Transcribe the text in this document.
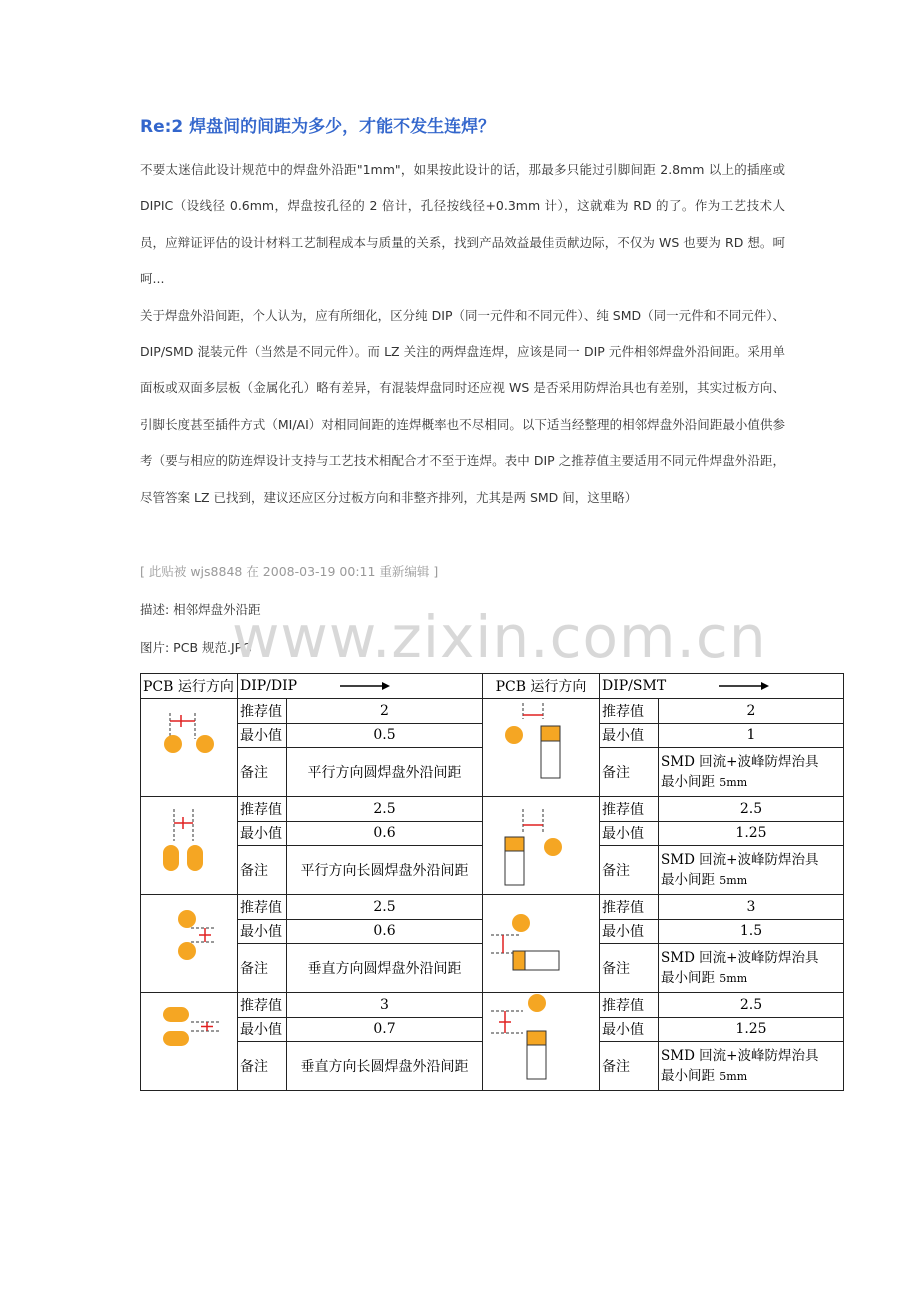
Re:2 焊盘间的间距为多少，才能不发生连焊？

不要太迷信此设计规范中的焊盘外沿距"1mm"，如果按此设计的话，那最多只能过引脚间距 2.8mm 以上的插座或 DIPIC（设线径 0.6mm，焊盘按孔径的 2 倍计，孔径按线径+0.3mm 计），这就难为 RD 的了。作为工艺技术人员，应辩证评估的设计材料工艺制程成本与质量的关系，找到产品效益最佳贡献边际，不仅为 WS 也要为 RD 想。呵呵...

关于焊盘外沿间距，个人认为，应有所细化，区分纯 DIP（同一元件和不同元件）、纯 SMD（同一元件和不同元件）、DIP/SMD 混装元件（当然是不同元件）。而 LZ 关注的两焊盘连焊，应该是同一 DIP 元件相邻焊盘外沿间距。采用单面板或双面多层板（金属化孔）略有差异，有混装焊盘同时还应视 WS 是否采用防焊治具也有差别，其实过板方向、引脚长度甚至插件方式（MI/AI）对相同间距的连焊概率也不尽相同。以下适当经整理的相邻焊盘外沿间距最小值供参考（要与相应的防连焊设计支持与工艺技术相配合才不至于连焊。表中 DIP 之推荐值主要适用不同元件焊盘外沿距，尽管答案 LZ 已找到，建议还应区分过板方向和非整齐排列，尤其是两 SMD 间，这里略）

[ 此贴被 wjs8848 在 2008-03-19 00:11 重新编辑 ]
描述: 相邻焊盘外沿距
图片: PCB 规范.JPG
www.zixin.com.cn
PCB 运行方向	DIP/DIP		PCB 运行方向	DIP/SMT	

	推荐值	2		推荐值	2
	最小值	0.5		最小值	1
	备注	平行方向圆焊盘外沿间距		备注	SMD 回流+波峰防焊治具
最小间距 5mm

	推荐值	2.5		推荐值	2.5
	最小值	0.6		最小值	1.25
	备注	平行方向长圆焊盘外沿间距		备注	SMD 回流+波峰防焊治具
最小间距 5mm

	推荐值	2.5		推荐值	3
	最小值	0.6		最小值	1.5
	备注	垂直方向圆焊盘外沿间距		备注	SMD 回流+波峰防焊治具
最小间距 5mm

	推荐值	3		推荐值	2.5
	最小值	0.7		最小值	1.25
	备注	垂直方向长圆焊盘外沿间距		备注	SMD 回流+波峰防焊治具
最小间距 5mm
